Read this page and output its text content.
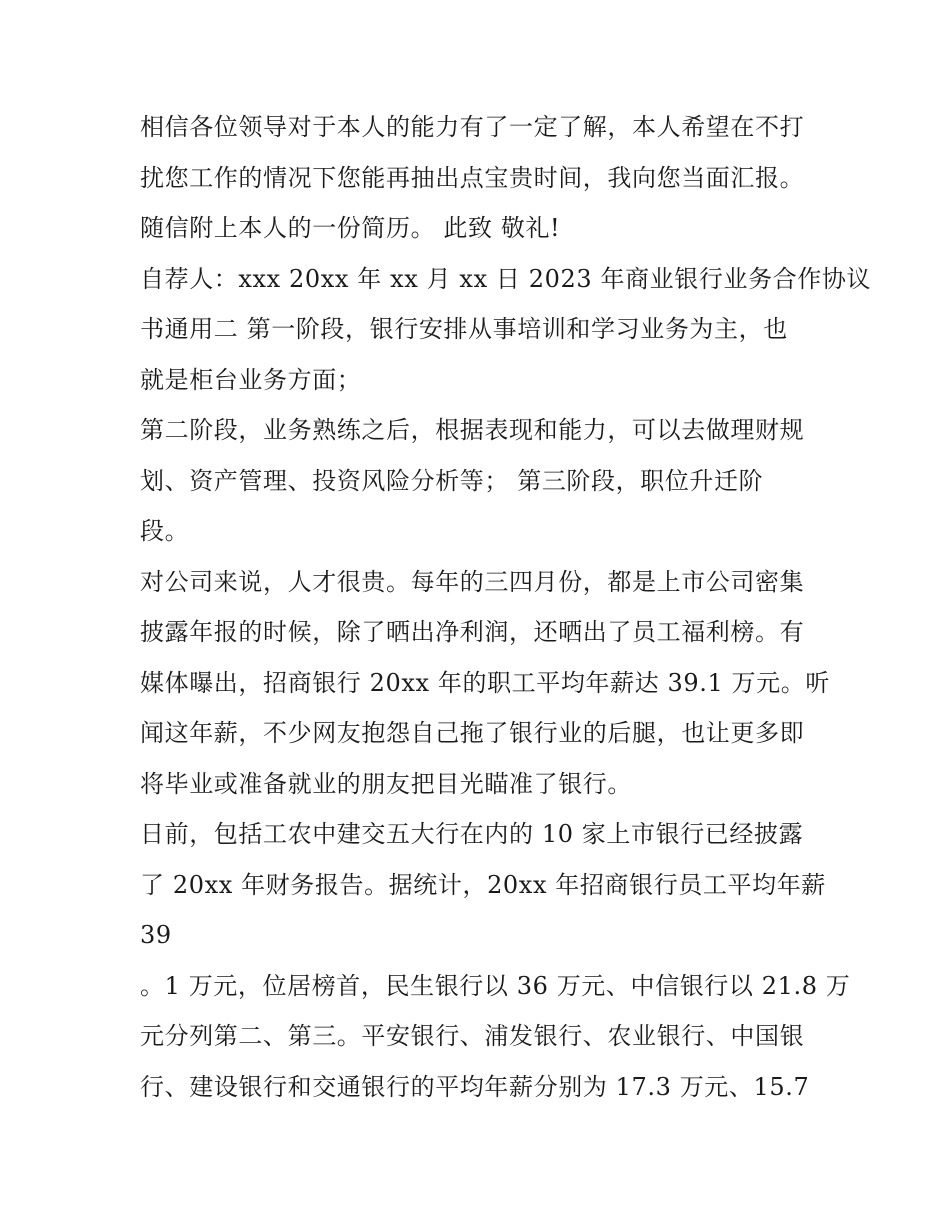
相信各位领导对于本人的能力有了一定了解，本人希望在不打
扰您工作的情况下您能再抽出点宝贵时间，我向您当面汇报。
随信附上本人的一份简历。 此致 敬礼!
自荐人：xxx 20xx 年 xx 月 xx 日 2023 年商业银行业务合作协议
书通用二 第一阶段，银行安排从事培训和学习业务为主，也
就是柜台业务方面；
第二阶段，业务熟练之后，根据表现和能力，可以去做理财规
划、资产管理、投资风险分析等； 第三阶段，职位升迁阶
段。
对公司来说，人才很贵。每年的三四月份，都是上市公司密集
披露年报的时候，除了晒出净利润，还晒出了员工福利榜。有
媒体曝出，招商银行 20xx 年的职工平均年薪达 39.1 万元。听
闻这年薪，不少网友抱怨自己拖了银行业的后腿，也让更多即
将毕业或准备就业的朋友把目光瞄准了银行。
日前，包括工农中建交五大行在内的 10 家上市银行已经披露
了 20xx 年财务报告。据统计，20xx 年招商银行员工平均年薪
39
。1 万元，位居榜首，民生银行以 36 万元、中信银行以 21.8 万
元分列第二、第三。平安银行、浦发银行、农业银行、中国银
行、建设银行和交通银行的平均年薪分别为 17.3 万元、15.7
